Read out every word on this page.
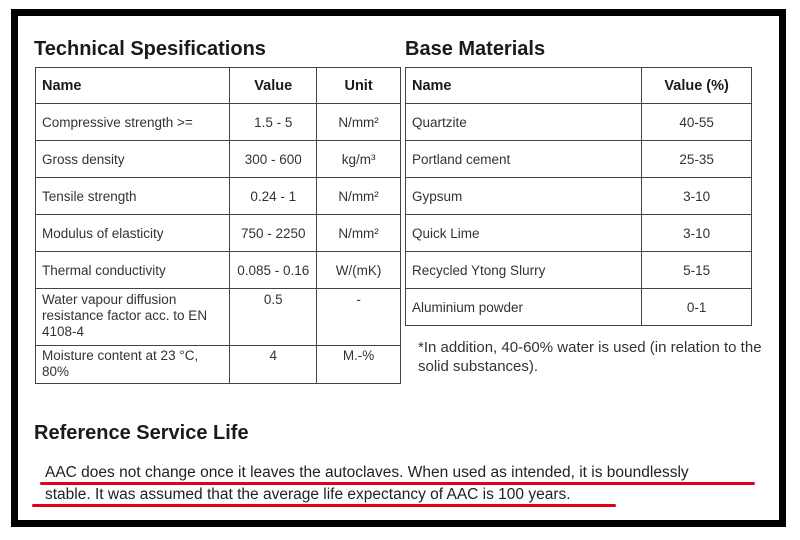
Technical Spesifications	Base Materials
Name	Value	Unit
Compressive strength >=	1.5 - 5	N/mm²
Gross density	300 - 600	kg/m³
Tensile strength	0.24 - 1	N/mm²
Modulus of elasticity	750 - 2250	N/mm²
Thermal conductivity	0.085 - 0.16	W/(mK)
Water vapour diffusion resistance factor acc. to EN 4108-4	0.5	-
Moisture content at 23 °C, 80%	4	M.-%
Name	Value (%)
Quartzite	40-55
Portland cement	25-35
Gypsum	3-10
Quick Lime	3-10
Recycled Ytong Slurry	5-15
Aluminium powder	0-1
*In addition, 40-60% water is used (in relation to the solid substances).
Reference Service Life
AAC does not change once it leaves the autoclaves. When used as intended, it is boundlessly
stable. It was assumed that the average life expectancy of AAC is 100 years.
